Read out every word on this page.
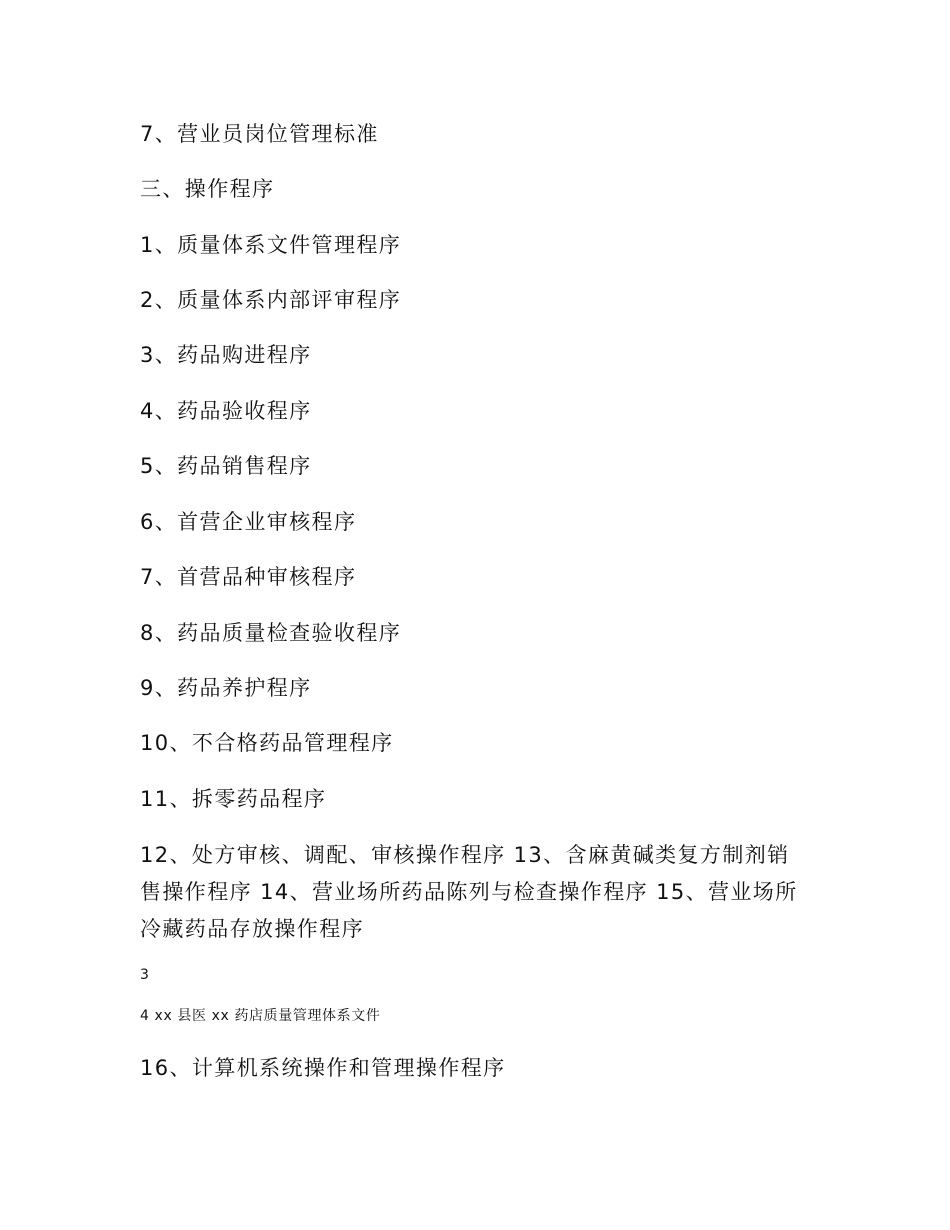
7、营业员岗位管理标准
三、操作程序
1、质量体系文件管理程序
2、质量体系内部评审程序
3、药品购进程序
4、药品验收程序
5、药品销售程序
6、首营企业审核程序
7、首营品种审核程序
8、药品质量检查验收程序
9、药品养护程序
10、不合格药品管理程序
11、拆零药品程序
12、处方审核、调配、审核操作程序 13、含麻黄碱类复方制剂销售操作程序 14、营业场所药品陈列与检查操作程序 15、营业场所冷藏药品存放操作程序
3
4 xx 县医 xx 药店质量管理体系文件
16、计算机系统操作和管理操作程序
